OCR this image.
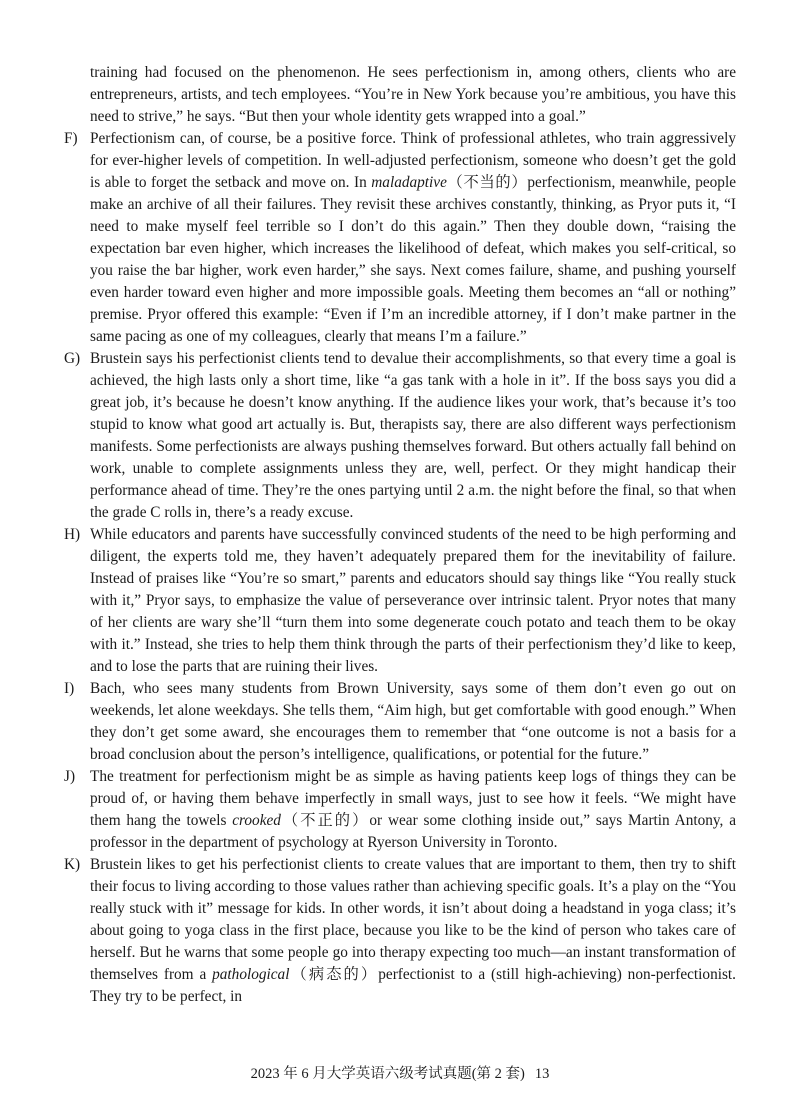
training had focused on the phenomenon. He sees perfectionism in, among others, clients who are entrepreneurs, artists, and tech employees. “You’re in New York because you’re ambitious, you have this need to strive,” he says. “But then your whole identity gets wrapped into a goal.”

F) Perfectionism can, of course, be a positive force. Think of professional athletes, who train aggressively for ever-higher levels of competition. In well-adjusted perfectionism, someone who doesn’t get the gold is able to forget the setback and move on. In maladaptive（不当的）perfectionism, meanwhile, people make an archive of all their failures. They revisit these archives constantly, thinking, as Pryor puts it, “I need to make myself feel terrible so I don’t do this again.” Then they double down, “raising the expectation bar even higher, which increases the likelihood of defeat, which makes you self-critical, so you raise the bar higher, work even harder,” she says. Next comes failure, shame, and pushing yourself even harder toward even higher and more impossible goals. Meeting them becomes an “all or nothing” premise. Pryor offered this example: “Even if I’m an incredible attorney, if I don’t make partner in the same pacing as one of my colleagues, clearly that means I’m a failure.”

G) Brustein says his perfectionist clients tend to devalue their accomplishments, so that every time a goal is achieved, the high lasts only a short time, like “a gas tank with a hole in it”. If the boss says you did a great job, it’s because he doesn’t know anything. If the audience likes your work, that’s because it’s too stupid to know what good art actually is. But, therapists say, there are also different ways perfectionism manifests. Some perfectionists are always pushing themselves forward. But others actually fall behind on work, unable to complete assignments unless they are, well, perfect. Or they might handicap their performance ahead of time. They’re the ones partying until 2 a.m. the night before the final, so that when the grade C rolls in, there’s a ready excuse.

H) While educators and parents have successfully convinced students of the need to be high performing and diligent, the experts told me, they haven’t adequately prepared them for the inevitability of failure. Instead of praises like “You’re so smart,” parents and educators should say things like “You really stuck with it,” Pryor says, to emphasize the value of perseverance over intrinsic talent. Pryor notes that many of her clients are wary she’ll “turn them into some degenerate couch potato and teach them to be okay with it.” Instead, she tries to help them think through the parts of their perfectionism they’d like to keep, and to lose the parts that are ruining their lives.

I)	Bach, who sees many students from Brown University, says some of them don’t even go out on weekends, let alone weekdays. She tells them, “Aim high, but get comfortable with good enough.” When they don’t get some award, she encourages them to remember that “one outcome is not a basis for a broad conclusion about the person’s intelligence, qualifications, or potential for the future.”

J) The treatment for perfectionism might be as simple as having patients keep logs of things they can be proud of, or having them behave imperfectly in small ways, just to see how it feels. “We might have them hang the towels crooked（不正的）or wear some clothing inside out,” says Martin Antony, a professor in the department of psychology at Ryerson University in Toronto.

K) Brustein likes to get his perfectionist clients to create values that are important to them, then try to shift their focus to living according to those values rather than achieving specific goals. It’s a play on the “You really stuck with it” message for kids. In other words, it isn’t about doing a headstand in yoga class; it’s about going to yoga class in the first place, because you like to be the kind of person who takes care of herself. But he warns that some people go into therapy expecting too much—an instant transformation of themselves from a pathological（病态的）perfectionist to a (still high-achieving) non-perfectionist. They try to be perfect, in

2023 年 6 月大学英语六级考试真题(第 2 套) 13
